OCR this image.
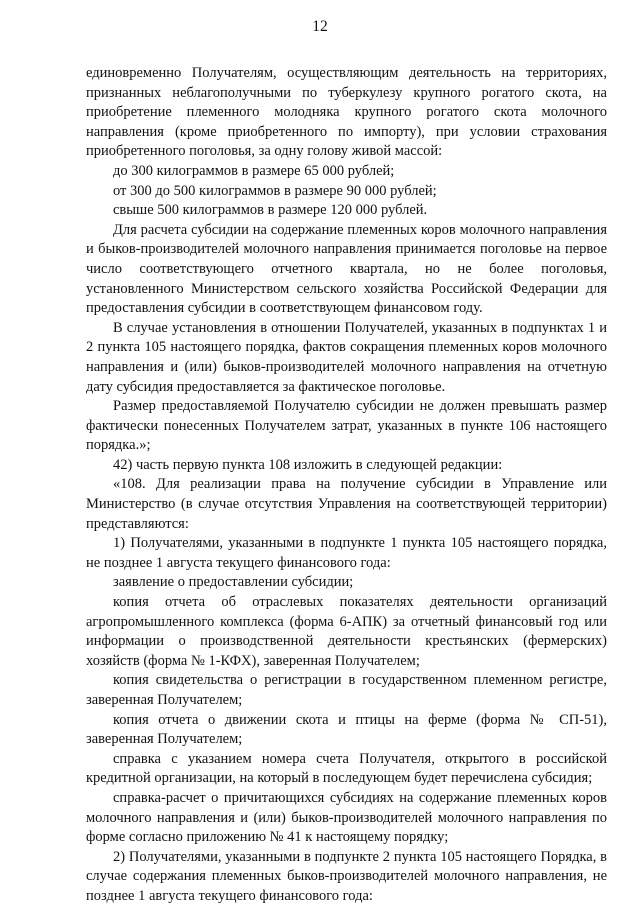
12

единовременно Получателям, осуществляющим деятельность на территориях, признанных неблагополучными по туберкулезу крупного рогатого скота, на приобретение племенного молодняка крупного рогатого скота молочного направления (кроме приобретенного по импорту), при условии страхования приобретенного поголовья, за одну голову живой массой:

до 300 килограммов в размере 65 000 рублей;

от 300 до 500 килограммов в размере 90 000 рублей;

свыше 500 килограммов в размере 120 000 рублей.

Для расчета субсидии на содержание племенных коров молочного направления и быков-производителей молочного направления принимается поголовье на первое число соответствующего отчетного квартала, но не более поголовья, установленного Министерством сельского хозяйства Российской Федерации для предоставления субсидии в соответствующем финансовом году.

В случае установления в отношении Получателей, указанных в подпунктах 1 и 2 пункта 105 настоящего порядка, фактов сокращения племенных коров молочного направления и (или) быков-производителей молочного направления на отчетную дату субсидия предоставляется за фактическое поголовье.

Размер предоставляемой Получателю субсидии не должен превышать размер фактически понесенных Получателем затрат, указанных в пункте 106 настоящего порядка.»;

42) часть первую пункта 108 изложить в следующей редакции:

«108. Для реализации права на получение субсидии в Управление или Министерство (в случае отсутствия Управления на соответствующей территории) представляются:

1) Получателями, указанными в подпункте 1 пункта 105 настоящего порядка, не позднее 1 августа текущего финансового года:

заявление о предоставлении субсидии;

копия отчета об отраслевых показателях деятельности организаций агропромышленного комплекса (форма 6-АПК) за отчетный финансовый год или информации о производственной деятельности крестьянских (фермерских) хозяйств (форма № 1-КФХ), заверенная Получателем;

копия свидетельства о регистрации в государственном племенном регистре, заверенная Получателем;

копия отчета о движении скота и птицы на ферме (форма № СП-51), заверенная Получателем;

справка с указанием номера счета Получателя, открытого в российской кредитной организации, на который в последующем будет перечислена субсидия;

справка-расчет о причитающихся субсидиях на содержание племенных коров молочного направления и (или) быков-производителей молочного направления по форме согласно приложению № 41 к настоящему порядку;

2) Получателями, указанными в подпункте 2 пункта 105 настоящего Порядка, в случае содержания племенных быков-производителей молочного направления, не позднее 1 августа текущего финансового года:
